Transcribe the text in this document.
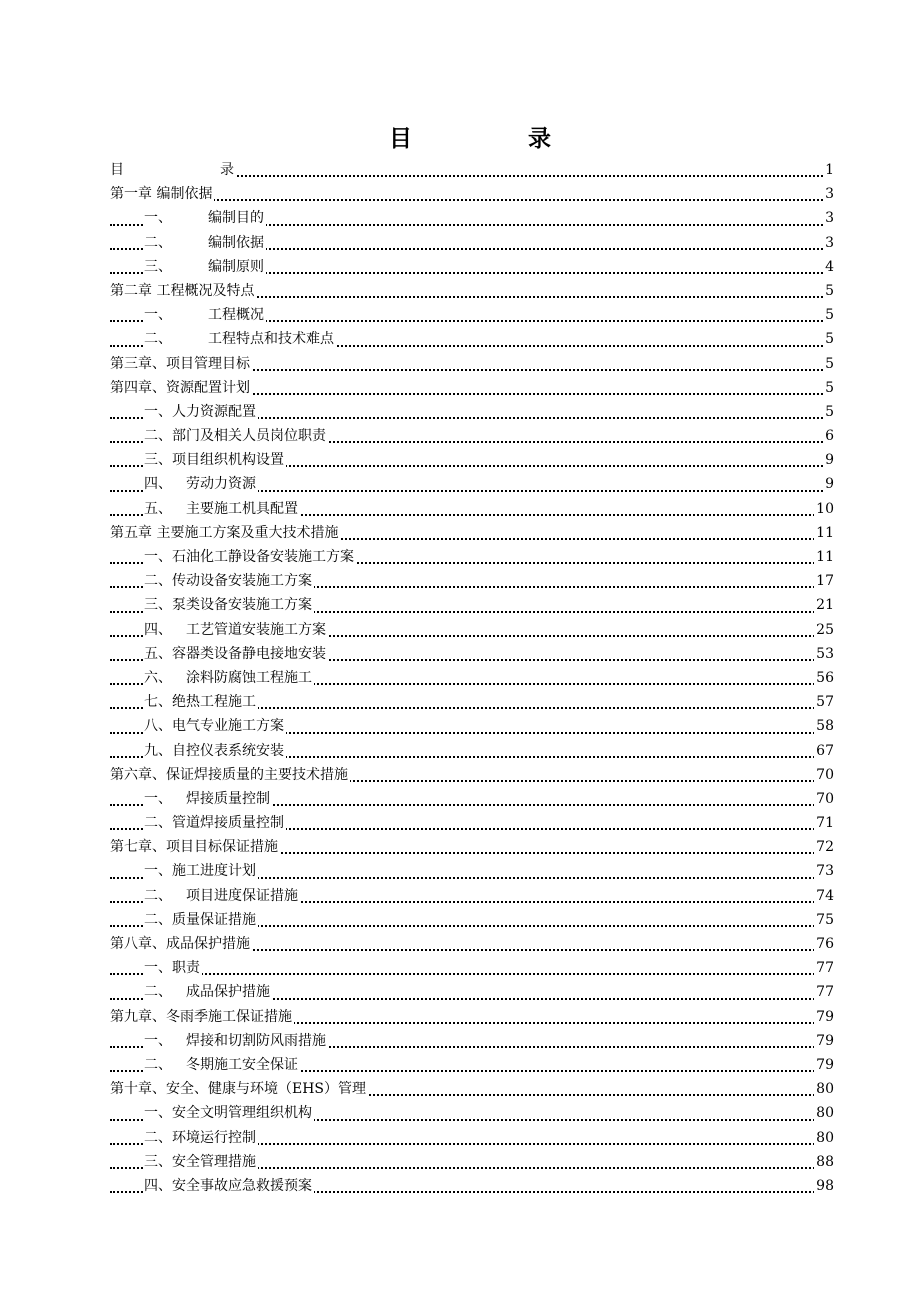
目	录
目	录	1
第一章 编制依据	3
一、	编制目的	3
二、	编制依据	3
三、	编制原则	4
第二章 工程概况及特点	5
一、	工程概况	5
二、	工程特点和技术难点	5
第三章、项目管理目标	5
第四章、资源配置计划	5
一、人力资源配置	5
二、部门及相关人员岗位职责	6
三、项目组织机构设置	9
四、 劳动力资源	9
五、 主要施工机具配置	10
第五章 主要施工方案及重大技术措施	11
一、石油化工静设备安装施工方案	11
二、传动设备安装施工方案	17
三、泵类设备安装施工方案	21
四、 工艺管道安装施工方案	25
五、容器类设备静电接地安装	53
六、 涂料防腐蚀工程施工	56
七、绝热工程施工	57
八、电气专业施工方案	58
九、自控仪表系统安装	67
第六章、保证焊接质量的主要技术措施	70
一、 焊接质量控制	70
二、管道焊接质量控制	71
第七章、项目目标保证措施	72
一、施工进度计划	73
二、 项目进度保证措施	74
二、质量保证措施	75
第八章、成品保护措施	76
一、职责	77
二、 成品保护措施	77
第九章、冬雨季施工保证措施	79
一、 焊接和切割防风雨措施	79
二、 冬期施工安全保证	79
第十章、安全、健康与环境（EHS）管理	80
一、安全文明管理组织机构	80
二、环境运行控制	80
三、安全管理措施	88
四、安全事故应急救援预案	98
